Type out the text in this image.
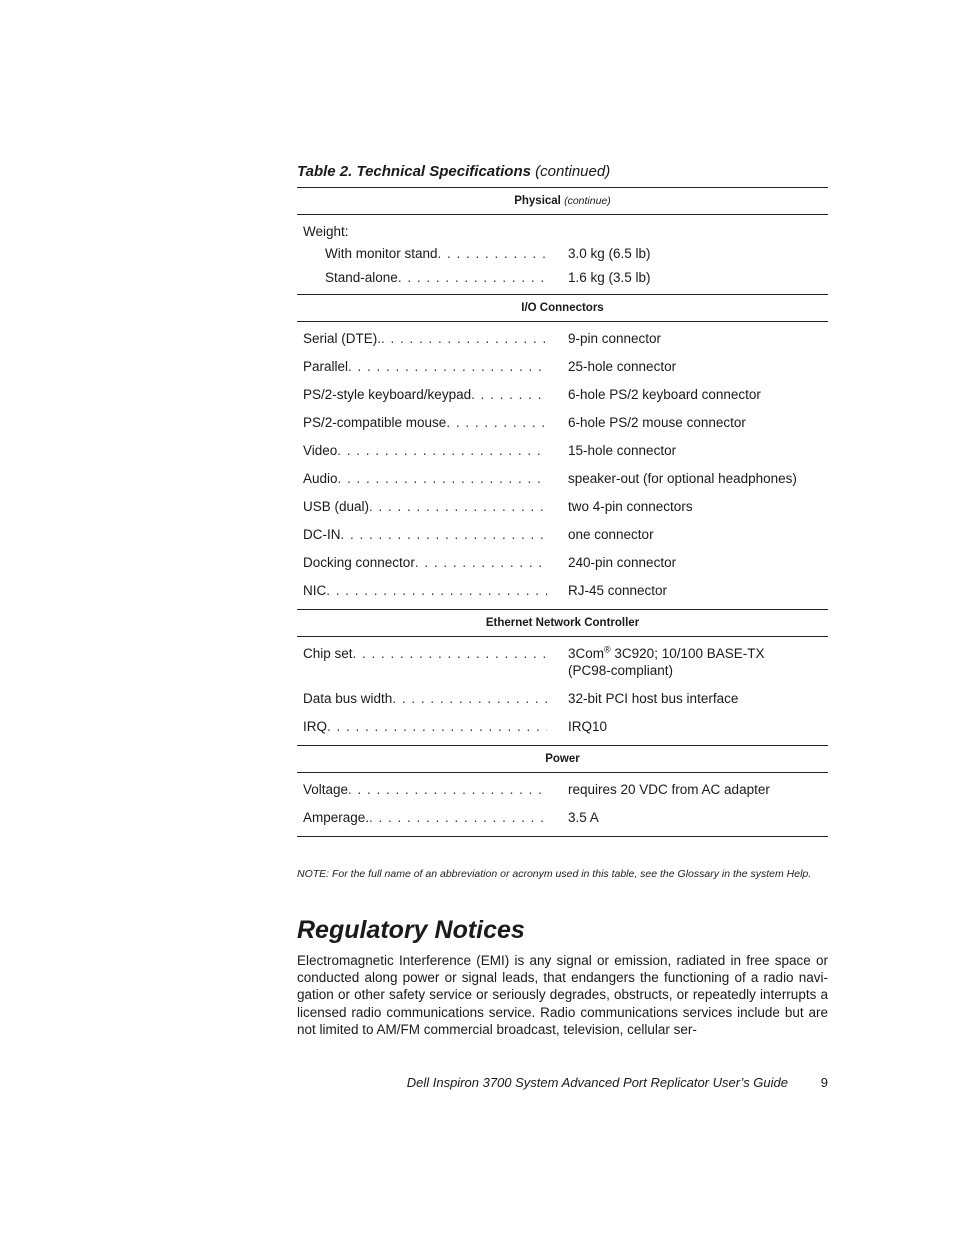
Table 2. Technical Specifications (continued)
Physical (continue)
Weight:
With monitor stand . . .	3.0 kg (6.5 lb)
Stand-alone . . .	1.6 kg (3.5 lb)
I/O Connectors
Serial (DTE). . . .	9-pin connector
Parallel . . .	25-hole connector
PS/2-style keyboard/keypad . . .	6-hole PS/2 keyboard connector
PS/2-compatible mouse . . .	6-hole PS/2 mouse connector
Video . . .	15-hole connector
Audio . . .	speaker-out (for optional headphones)
USB (dual) . . .	two 4-pin connectors
DC-IN . . .	one connector
Docking connector . . .	240-pin connector
NIC . . .	RJ-45 connector
Ethernet Network Controller
Chip set . . .	3Com® 3C920; 10/100 BASE-TX
(PC98-compliant)
Data bus width . . .	32-bit PCI host bus interface
IRQ . . .	IRQ10
Power
Voltage . . .	requires 20 VDC from AC adapter
Amperage. . . .	3.5 A
NOTE: For the full name of an abbreviation or acronym used in this table, see the Glossary in the system Help.
Regulatory Notices
Electromagnetic Interference (EMI) is any signal or emission, radiated in free space or conducted along power or signal leads, that endangers the functioning of a radio navi-gation or other safety service or seriously degrades, obstructs, or repeatedly interrupts a licensed radio communications service. Radio communications services include but are not limited to AM/FM commercial broadcast, television, cellular ser-
Dell Inspiron 3700 System Advanced Port Replicator User’s Guide	9
